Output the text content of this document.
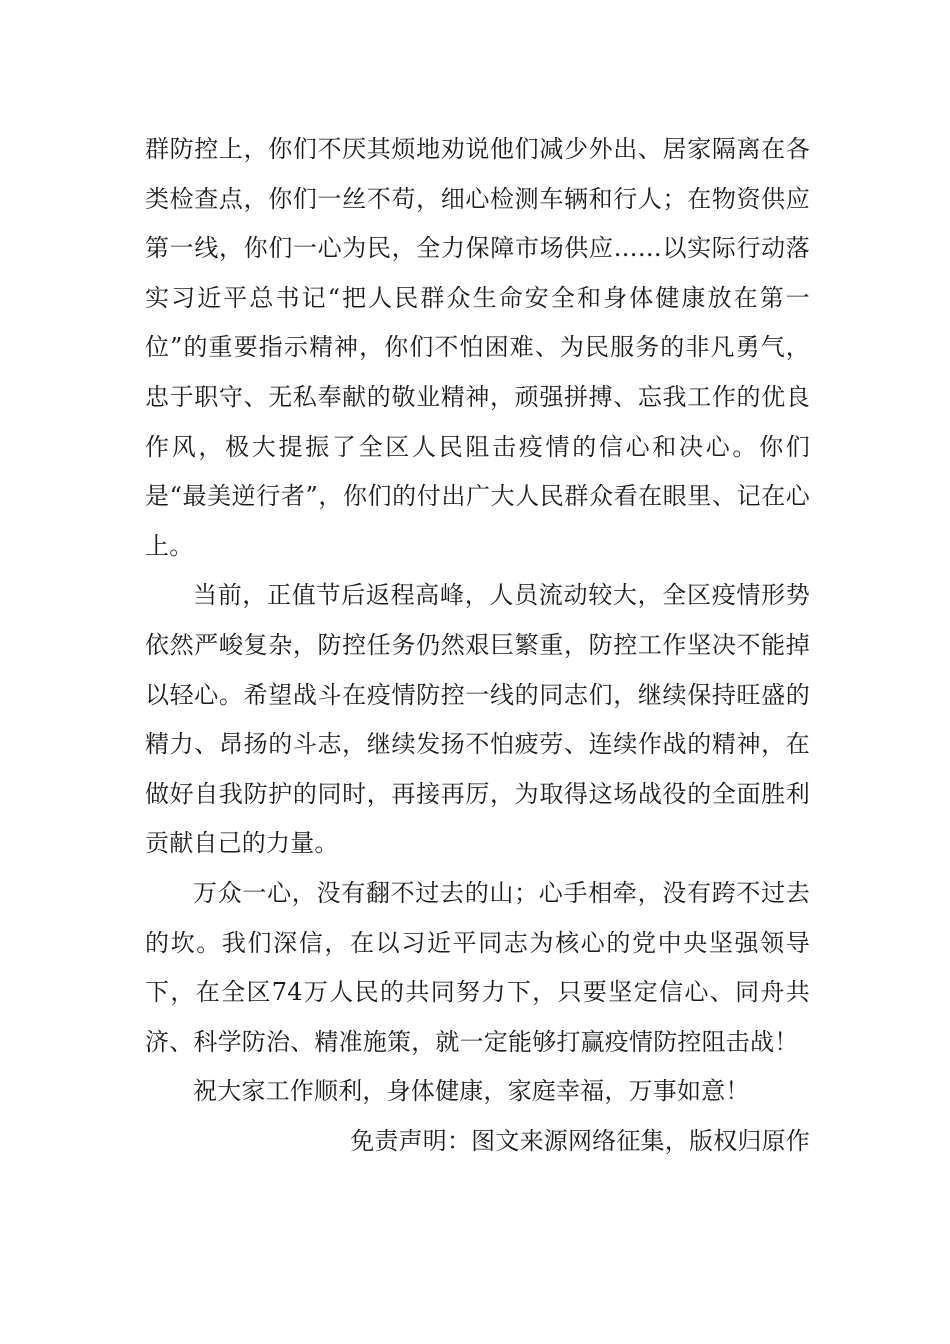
群防控上，你们不厌其烦地劝说他们减少外出、居家隔离在各类检查点，你们一丝不苟，细心检测车辆和行人；在物资供应第一线，你们一心为民，全力保障市场供应……以实际行动落实习近平总书记“把人民群众生命安全和身体健康放在第一位”的重要指示精神，你们不怕困难、为民服务的非凡勇气，忠于职守、无私奉献的敬业精神，顽强拼搏、忘我工作的优良作风，极大提振了全区人民阻击疫情的信心和决心。你们是“最美逆行者”，你们的付出广大人民群众看在眼里、记在心上。

当前，正值节后返程高峰，人员流动较大，全区疫情形势依然严峻复杂，防控任务仍然艰巨繁重，防控工作坚决不能掉以轻心。希望战斗在疫情防控一线的同志们，继续保持旺盛的精力、昂扬的斗志，继续发扬不怕疲劳、连续作战的精神，在做好自我防护的同时，再接再厉，为取得这场战役的全面胜利贡献自己的力量。

万众一心，没有翻不过去的山；心手相牵，没有跨不过去的坎。我们深信，在以习近平同志为核心的党中央坚强领导下，在全区74万人民的共同努力下，只要坚定信心、同舟共济、科学防治、精准施策，就一定能够打赢疫情防控阻击战！

祝大家工作顺利，身体健康，家庭幸福，万事如意！

免责声明：图文来源网络征集，版权归原作
